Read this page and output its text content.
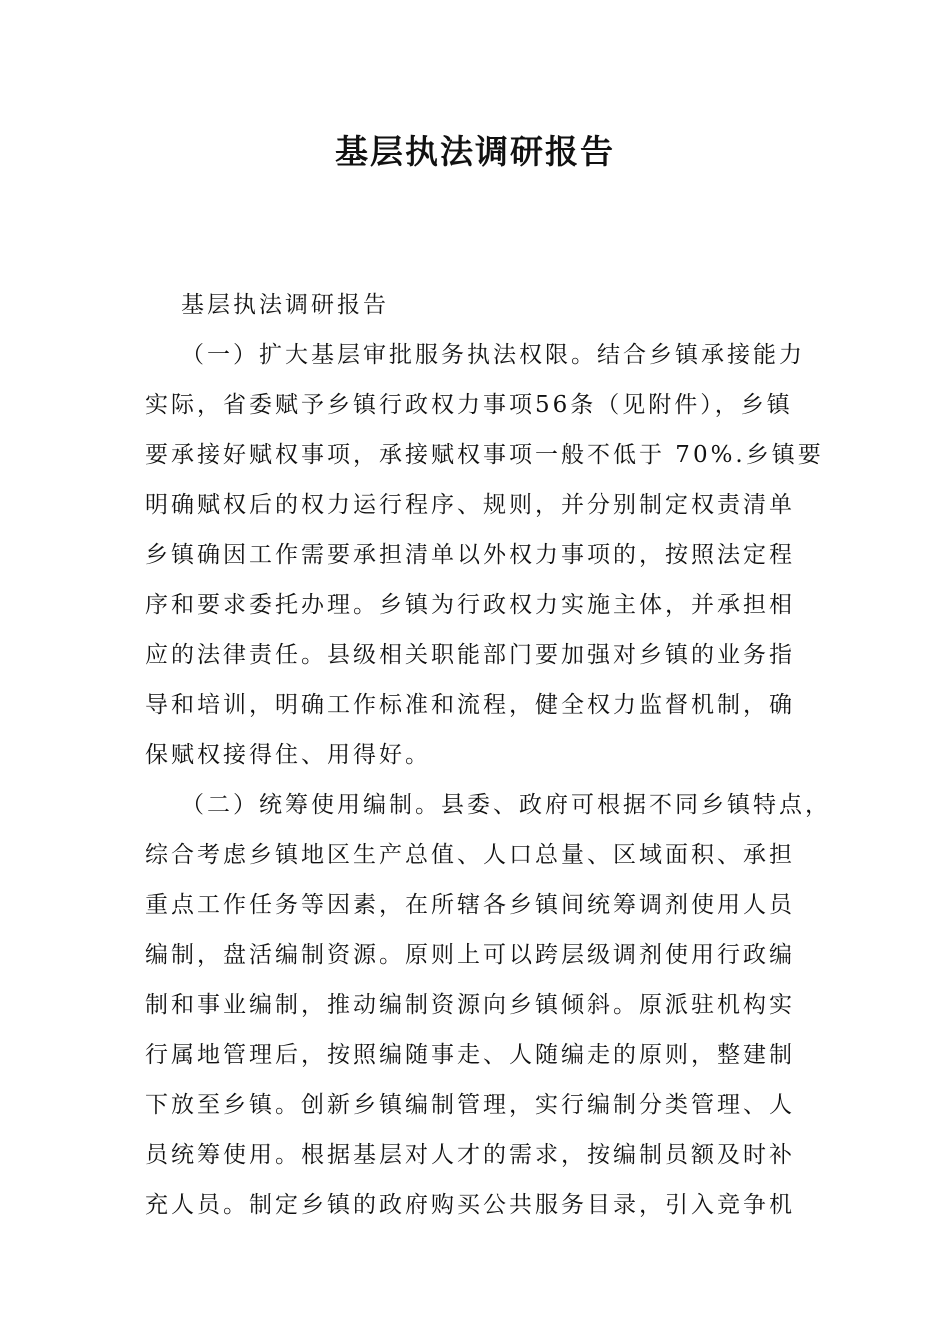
基层执法调研报告
基层执法调研报告
（一）扩大基层审批服务执法权限。结合乡镇承接能力
实际，省委赋予乡镇行政权力事项56条（见附件），乡镇
要承接好赋权事项，承接赋权事项一般不低于 70%.乡镇要
明确赋权后的权力运行程序、规则，并分别制定权责清单
乡镇确因工作需要承担清单以外权力事项的，按照法定程
序和要求委托办理。乡镇为行政权力实施主体，并承担相
应的法律责任。县级相关职能部门要加强对乡镇的业务指
导和培训，明确工作标准和流程，健全权力监督机制，确
保赋权接得住、用得好。
（二）统筹使用编制。县委、政府可根据不同乡镇特点，
综合考虑乡镇地区生产总值、人口总量、区域面积、承担
重点工作任务等因素，在所辖各乡镇间统筹调剂使用人员
编制，盘活编制资源。原则上可以跨层级调剂使用行政编
制和事业编制，推动编制资源向乡镇倾斜。原派驻机构实
行属地管理后，按照编随事走、人随编走的原则，整建制
下放至乡镇。创新乡镇编制管理，实行编制分类管理、人
员统筹使用。根据基层对人才的需求，按编制员额及时补
充人员。制定乡镇的政府购买公共服务目录，引入竞争机
